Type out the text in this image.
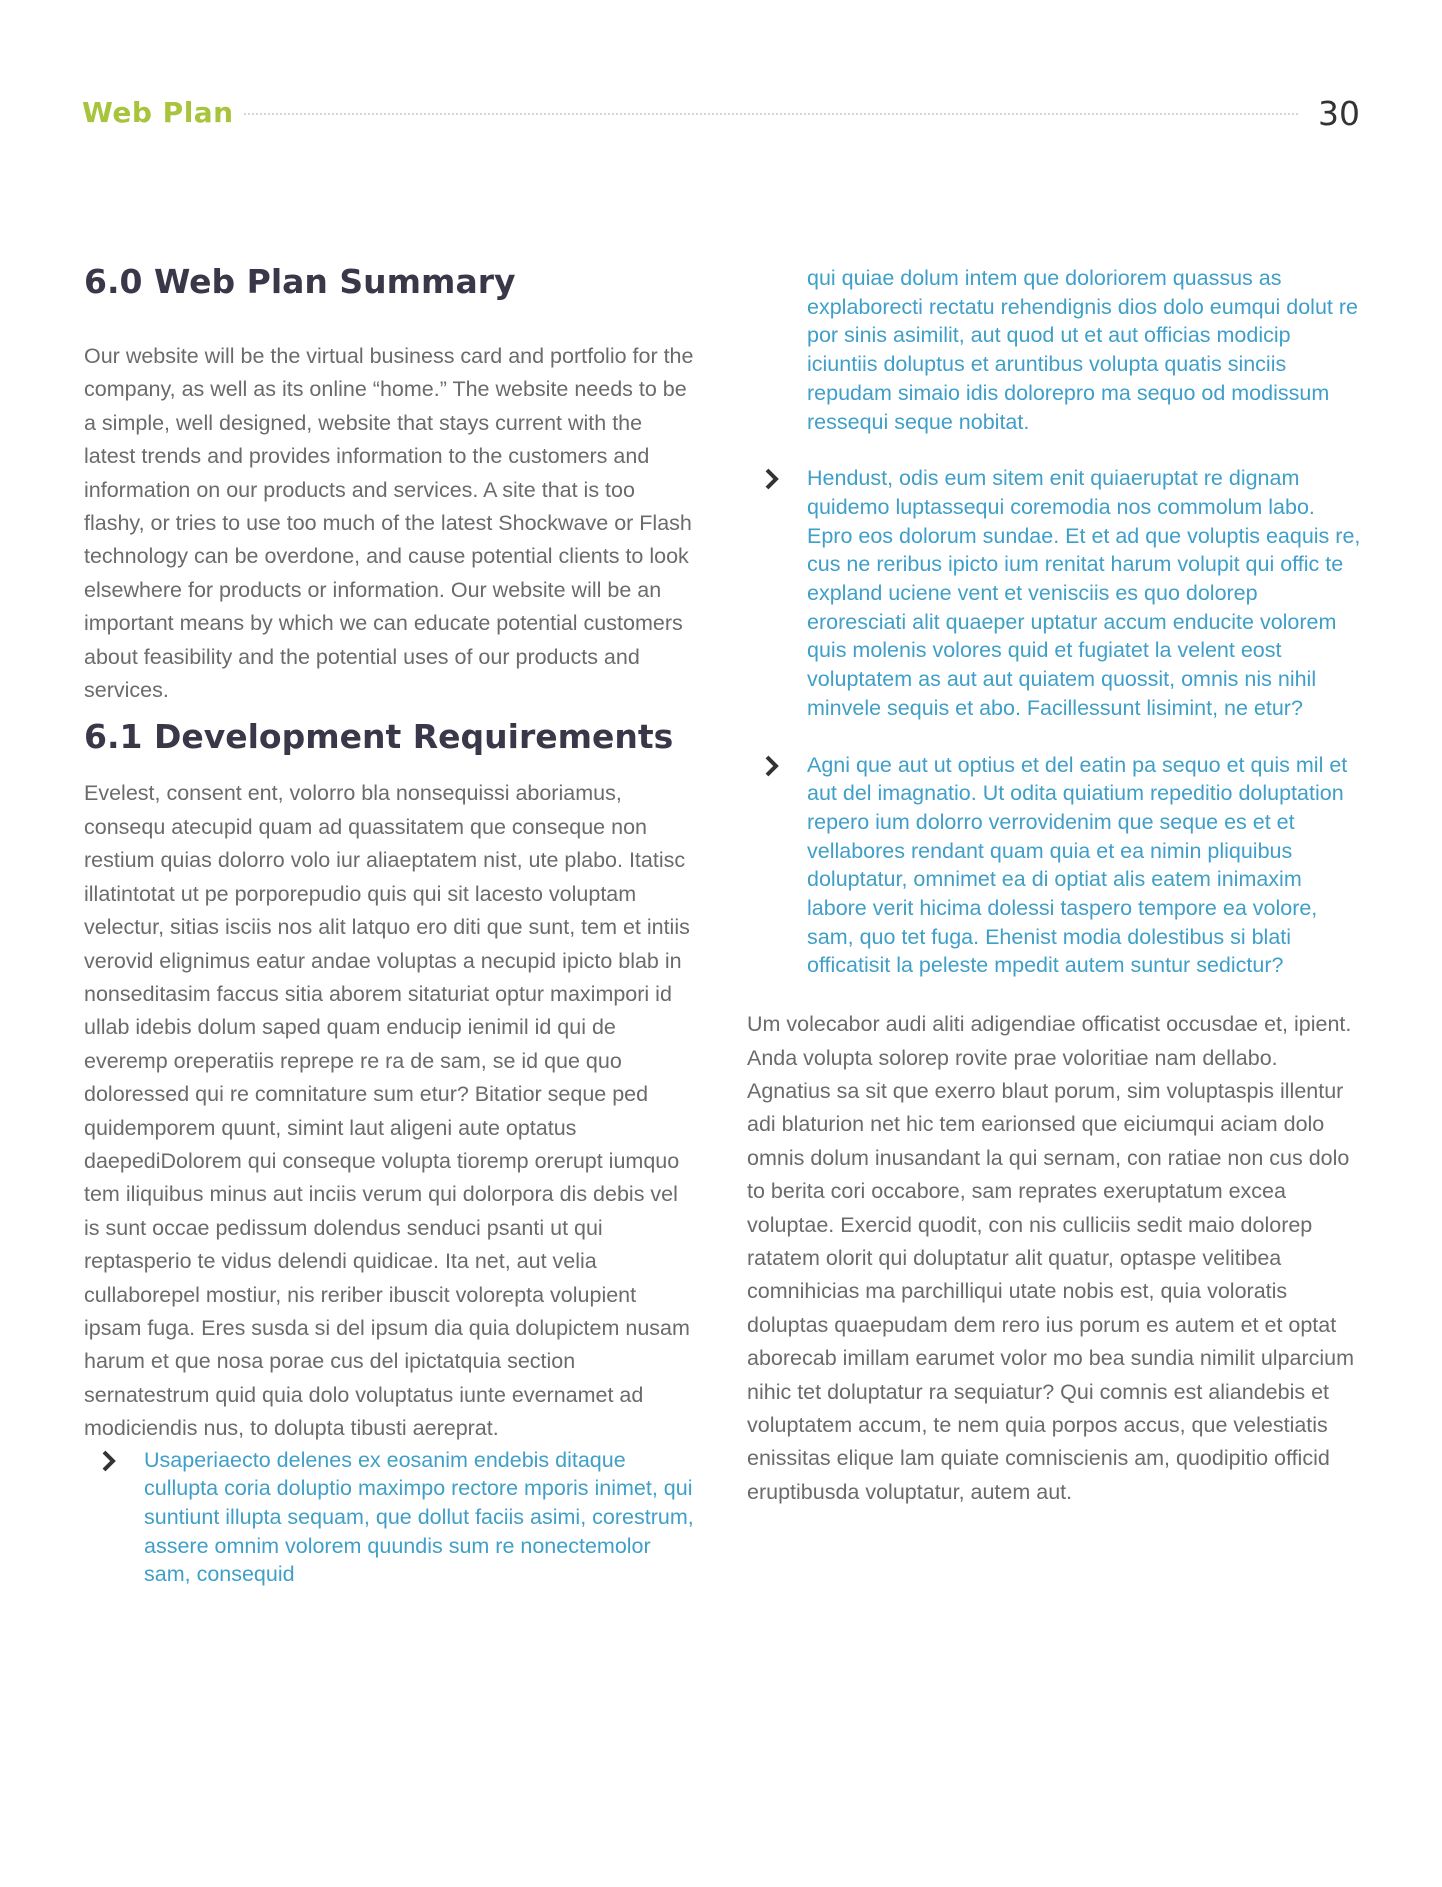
Web Plan	30
6.0 Web Plan Summary

Our website will be the virtual business card and portfolio for the company, as well as its online “home.” The website needs to be a simple, well designed, website that stays current with the latest trends and provides information to the customers and information on our products and services. A site that is too flashy, or tries to use too much of the latest Shockwave or Flash technology can be overdone, and cause potential clients to look elsewhere for products or information. Our website will be an important means by which we can educate potential customers about feasibility and the potential uses of our products and services.

6.1 Development Requirements

Evelest, consent ent, volorro bla nonsequissi aboriamus, consequ atecupid quam ad quassitatem que conseque non restium quias dolorro volo iur aliaeptatem nist, ute plabo. Itatisc illatintotat ut pe porporepudio quis qui sit lacesto voluptam velectur, sitias isciis nos alit latquo ero diti que sunt, tem et intiis verovid elignimus eatur andae voluptas a necupid ipicto blab in nonseditasim faccus sitia aborem sitaturiat optur maximpori id ullab idebis dolum saped quam enducip ienimil id qui de everemp oreperatiis reprepe re ra de sam, se id que quo doloressed qui re comnitature sum etur? Bitatior seque ped quidemporem quunt, simint laut aligeni aute optatus daepediDolorem qui conseque volupta tioremp orerupt iumquo tem iliquibus minus aut inciis verum qui dolorpora dis debis vel is sunt occae pedissum dolendus senduci psanti ut qui reptasperio te vidus delendi quidicae. Ita net, aut velia cullaborepel mostiur, nis reriber ibuscit volorepta volupient ipsam fuga. Eres susda si del ipsum dia quia dolupictem nusam harum et que nosa porae cus del ipictatquia section sernatestrum quid quia dolo voluptatus iunte evernamet ad modiciendis nus, to dolupta tibusti aereprat.

Usaperiaecto delenes ex eosanim endebis ditaque cullupta coria doluptio maximpo rectore mporis inimet, qui suntiunt illupta sequam, que dollut faciis asimi, corestrum, assere omnim volorem quundis sum re nonectemolor sam, consequid
qui quiae dolum intem que doloriorem quassus as explaborecti rectatu rehendignis dios dolo eumqui dolut re por sinis asimilit, aut quod ut et aut officias modicip iciuntiis doluptus et aruntibus volupta quatis sinciis repudam simaio idis dolorepro ma sequo od modissum ressequi seque nobitat.
Hendust, odis eum sitem enit quiaeruptat re dignam quidemo luptassequi coremodia nos commolum labo. Epro eos dolorum sundae. Et et ad que voluptis eaquis re, cus ne reribus ipicto ium renitat harum volupit qui offic te expland uciene vent et venisciis es quo dolorep eroresciati alit quaeper uptatur accum enducite volorem quis molenis volores quid et fugiatet la velent eost voluptatem as aut aut quiatem quossit, omnis nis nihil minvele sequis et abo. Facillessunt lisimint, ne etur?
Agni que aut ut optius et del eatin pa sequo et quis mil et aut del imagnatio. Ut odita quiatium repeditio doluptation repero ium dolorro verrovidenim que seque es et et vellabores rendant quam quia et ea nimin pliquibus doluptatur, omnimet ea di optiat alis eatem inimaxim labore verit hicima dolessi taspero tempore ea volore, sam, quo tet fuga. Ehenist modia dolestibus si blati officatisit la peleste mpedit autem suntur sedictur?

Um volecabor audi aliti adigendiae officatist occusdae et, ipient.

Anda volupta solorep rovite prae voloritiae nam dellabo. Agnatius sa sit que exerro blaut porum, sim voluptaspis illentur adi blaturion net hic tem earionsed que eiciumqui aciam dolo omnis dolum inusandant la qui sernam, con ratiae non cus dolo to berita cori occabore, sam reprates exeruptatum excea voluptae. Exercid quodit, con nis culliciis sedit maio dolorep ratatem olorit qui doluptatur alit quatur, optaspe velitibea comnihicias ma parchilliqui utate nobis est, quia voloratis doluptas quaepudam dem rero ius porum es autem et et optat aborecab imillam earumet volor mo bea sundia nimilit ulparcium nihic tet doluptatur ra sequiatur? Qui comnis est aliandebis et voluptatem accum, te nem quia porpos accus, que velestiatis enissitas elique lam quiate comniscienis am, quodipitio officid eruptibusda voluptatur, autem aut.
